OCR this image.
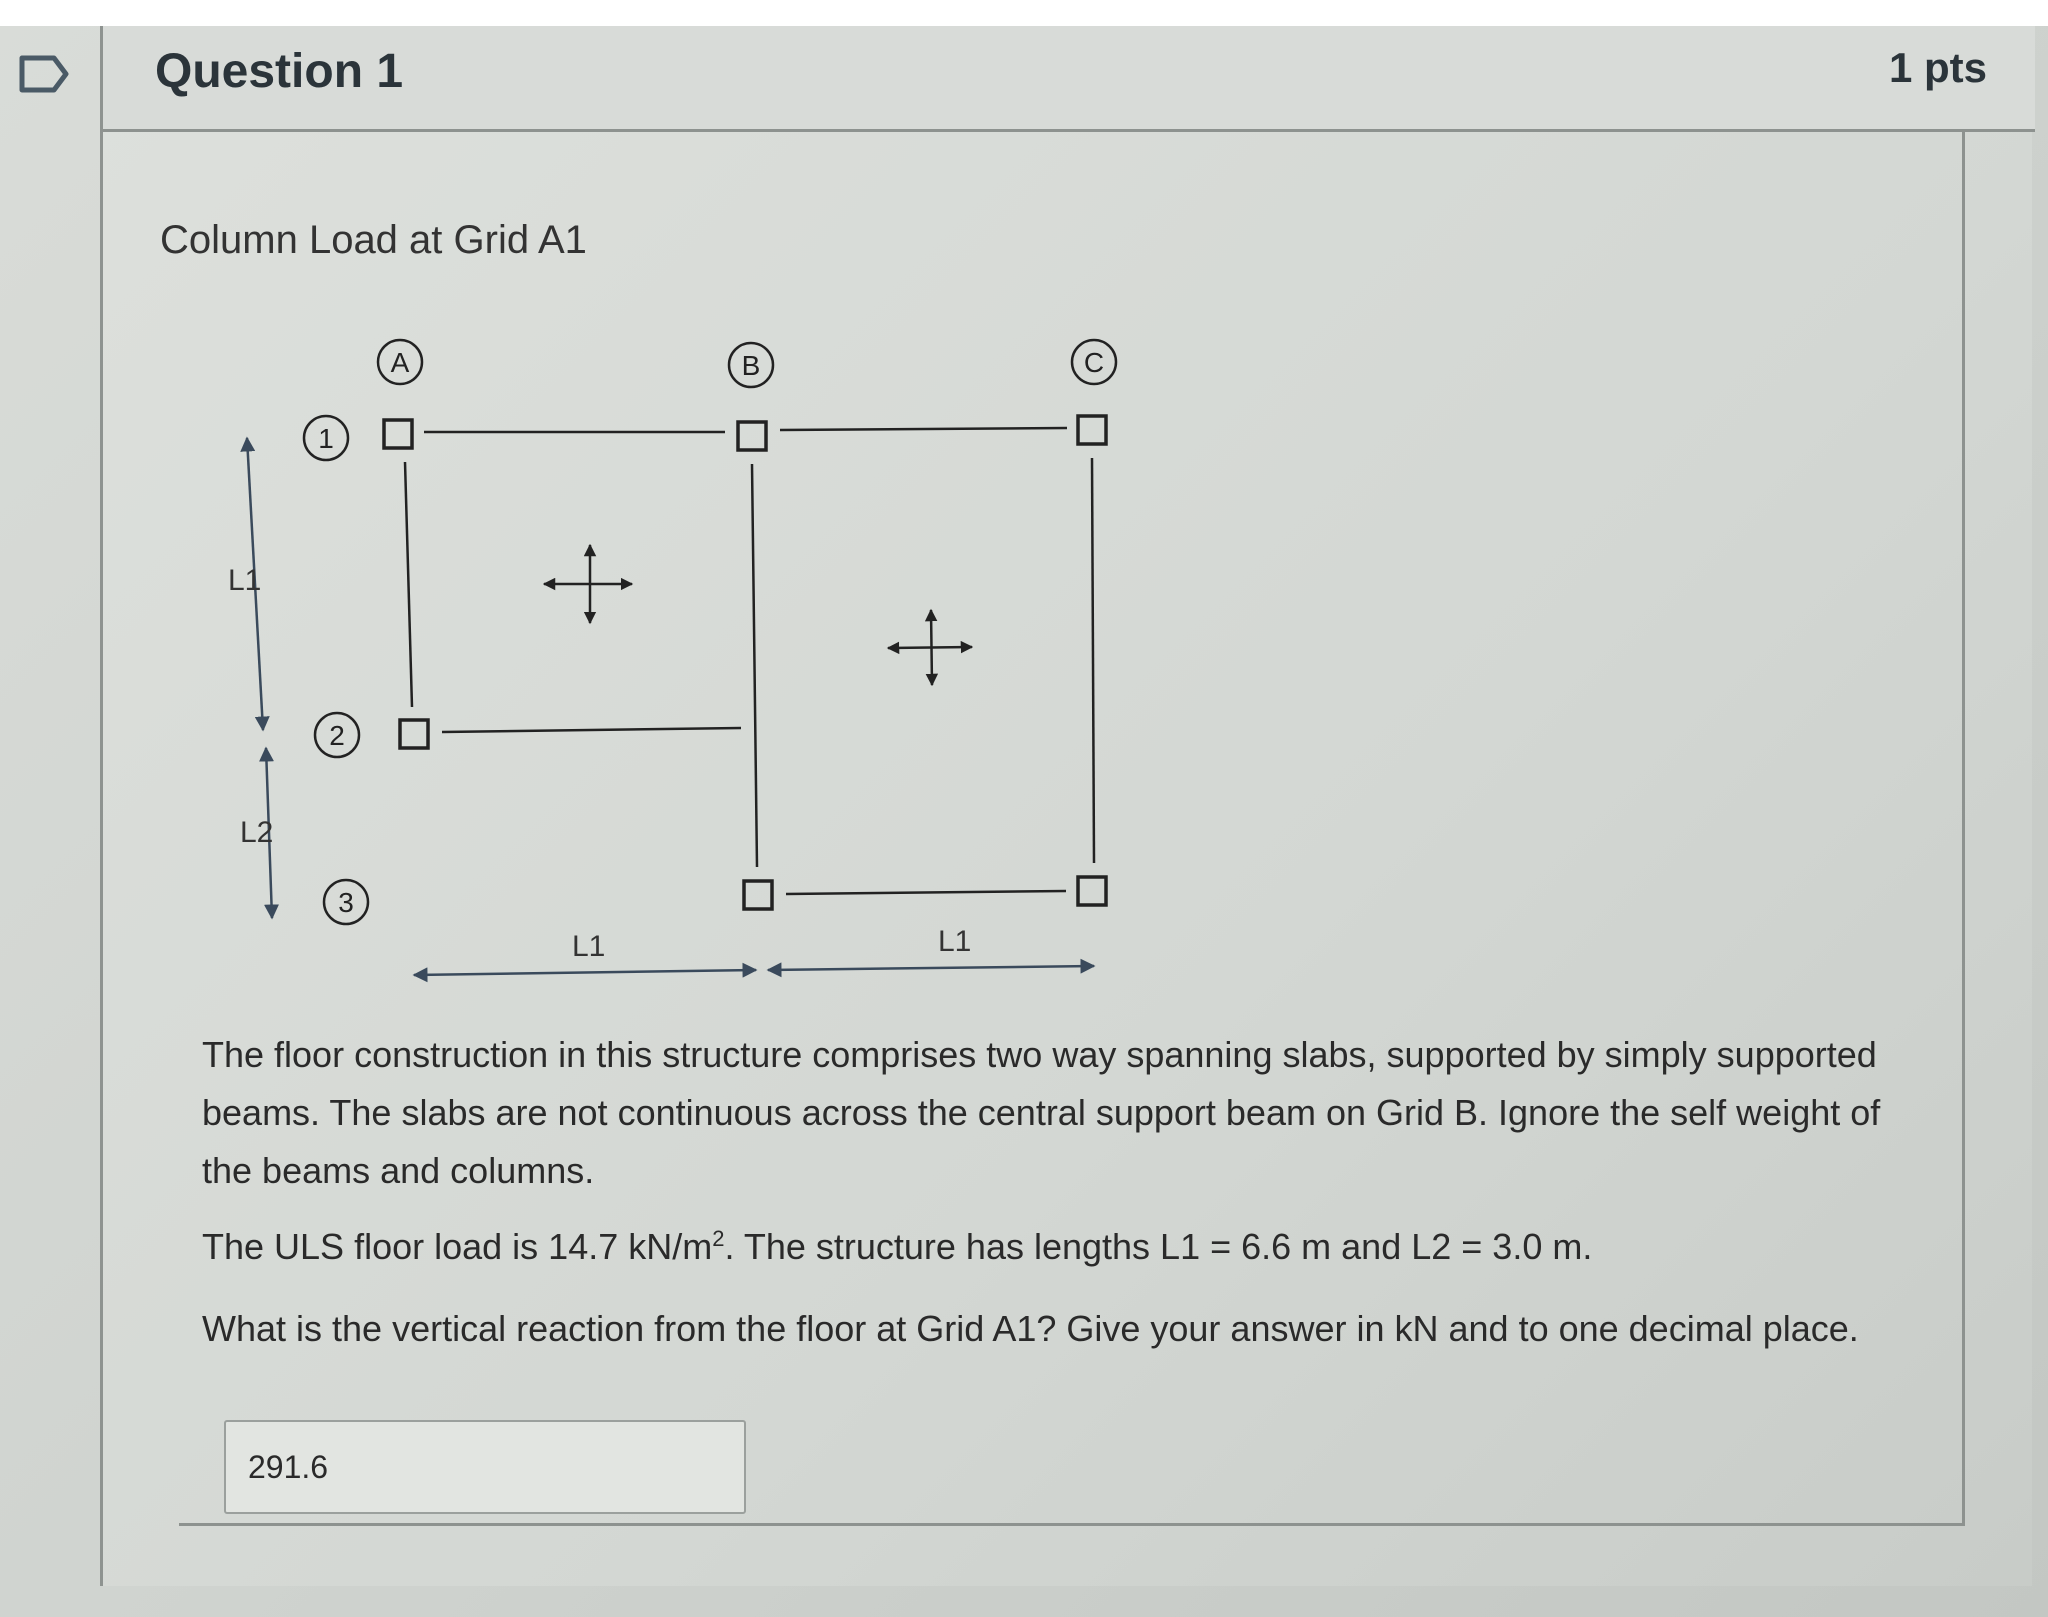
Question 1	1 pts
Column Load at Grid A1
A	B	C
1
2
3
L1
L2
L1	L1
The floor construction in this structure comprises two way spanning slabs, supported by simply supported beams. The slabs are not continuous across the central support beam on Grid B. Ignore the self weight of the beams and columns.
The ULS floor load is 14.7 $kN/m^2$. The structure has lengths L1 = 6.6 m and L2 = 3.0 m.
What is the vertical reaction from the floor at Grid A1? Give your answer in kN and to one decimal place.
291.6
